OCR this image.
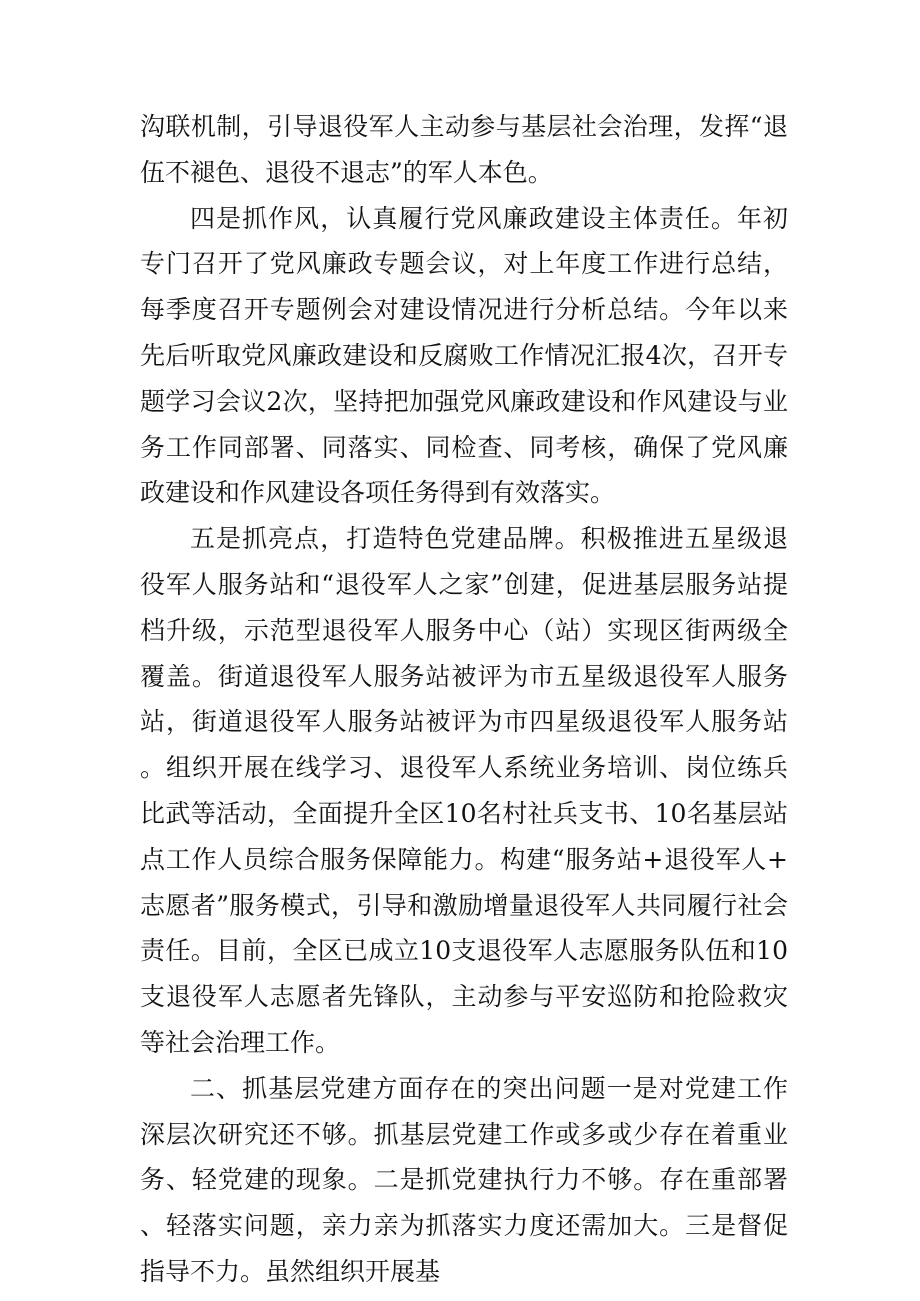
沟联机制，引导退役军人主动参与基层社会治理，发挥“退伍不褪色、退役不退志”的军人本色。

四是抓作风，认真履行党风廉政建设主体责任。年初专门召开了党风廉政专题会议，对上年度工作进行总结，每季度召开专题例会对建设情况进行分析总结。今年以来先后听取党风廉政建设和反腐败工作情况汇报4次，召开专题学习会议2次，坚持把加强党风廉政建设和作风建设与业务工作同部署、同落实、同检查、同考核，确保了党风廉政建设和作风建设各项任务得到有效落实。

五是抓亮点，打造特色党建品牌。积极推进五星级退役军人服务站和“退役军人之家”创建，促进基层服务站提档升级，示范型退役军人服务中心（站）实现区街两级全覆盖。街道退役军人服务站被评为市五星级退役军人服务站，街道退役军人服务站被评为市四星级退役军人服务站。组织开展在线学习、退役军人系统业务培训、岗位练兵比武等活动，全面提升全区10名村社兵支书、10名基层站点工作人员综合服务保障能力。构建“服务站+退役军人+志愿者”服务模式，引导和激励增量退役军人共同履行社会责任。目前，全区已成立10支退役军人志愿服务队伍和10支退役军人志愿者先锋队，主动参与平安巡防和抢险救灾等社会治理工作。

二、抓基层党建方面存在的突出问题一是对党建工作深层次研究还不够。抓基层党建工作或多或少存在着重业务、轻党建的现象。二是抓党建执行力不够。存在重部署、轻落实问题，亲力亲为抓落实力度还需加大。三是督促指导不力。虽然组织开展基
